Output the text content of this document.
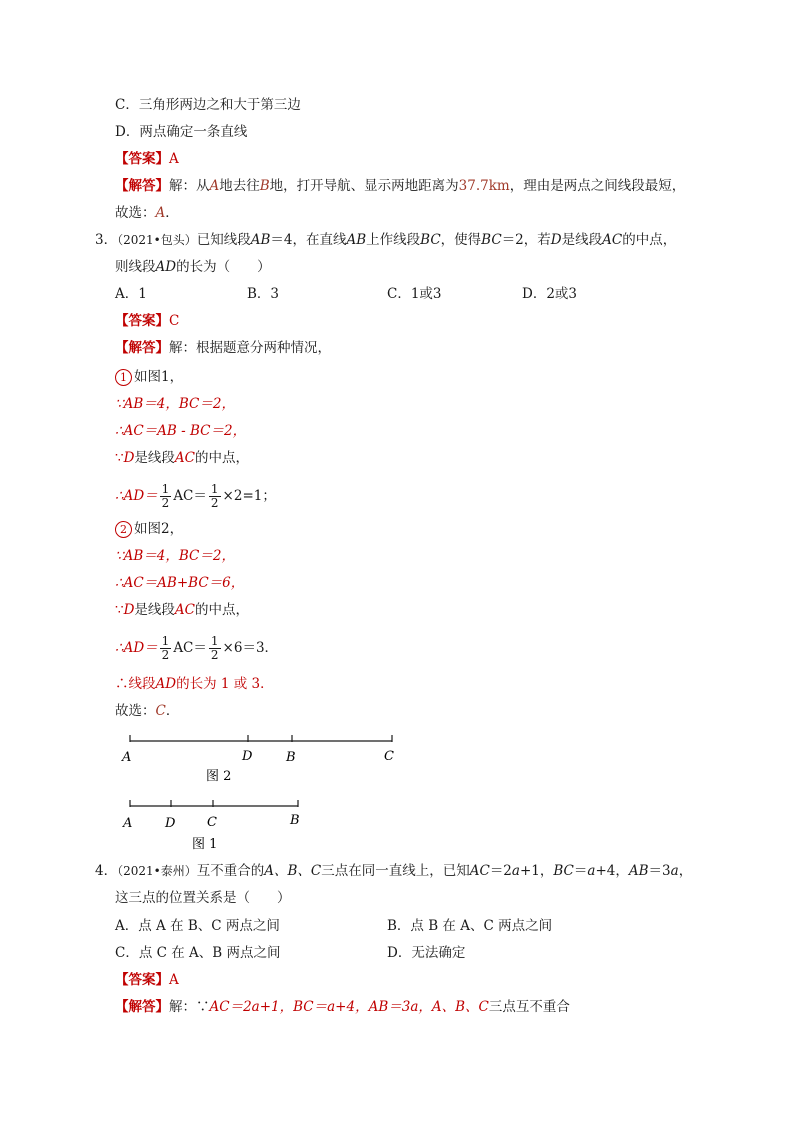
C．三角形两边之和大于第三边
D．两点确定一条直线
【答案】A
【解答】解：从A地去往B地，打开导航、显示两地距离为37.7km，理由是两点之间线段最短，
故选：A．
3．（2021•包头）已知线段AB＝4，在直线AB上作线段BC，使得BC＝2，若D是线段AC的中点，
则线段AD的长为（　　）
A．1	B．3	C．1或3	D．2或3
【答案】C
【解答】解：根据题意分两种情况，
1 如图1，
∵AB＝4，BC＝2，
∴AC＝AB - BC＝2，
∵D是线段AC的中点，
∴AD＝ $\frac{1}{2} AC= \frac{1}{2} \times 2=1$；
2 如图2，
∵AB＝4，BC＝2，
∴AC＝AB+BC＝6，
∵D是线段AC的中点，
∴AD＝ $\frac{1}{2} AC= \frac{1}{2} \times 6=3$．
∴线段AD的长为 1 或 3．
故选：C．
A	D	B	C
图 2
A	D C	B
图 1
4．（2021•泰州）互不重合的A、B、C三点在同一直线上，已知AC＝2a+1，BC＝a+4，AB＝3a，
这三点的位置关系是（　　）
A．点 A 在 B、C 两点之间	B．点 B 在 A、C 两点之间
C．点 C 在 A、B 两点之间	D．无法确定
【答案】A
【解答】解：∵AC＝2a+1，BC＝a+4，AB＝3a，A、B、C三点互不重合
